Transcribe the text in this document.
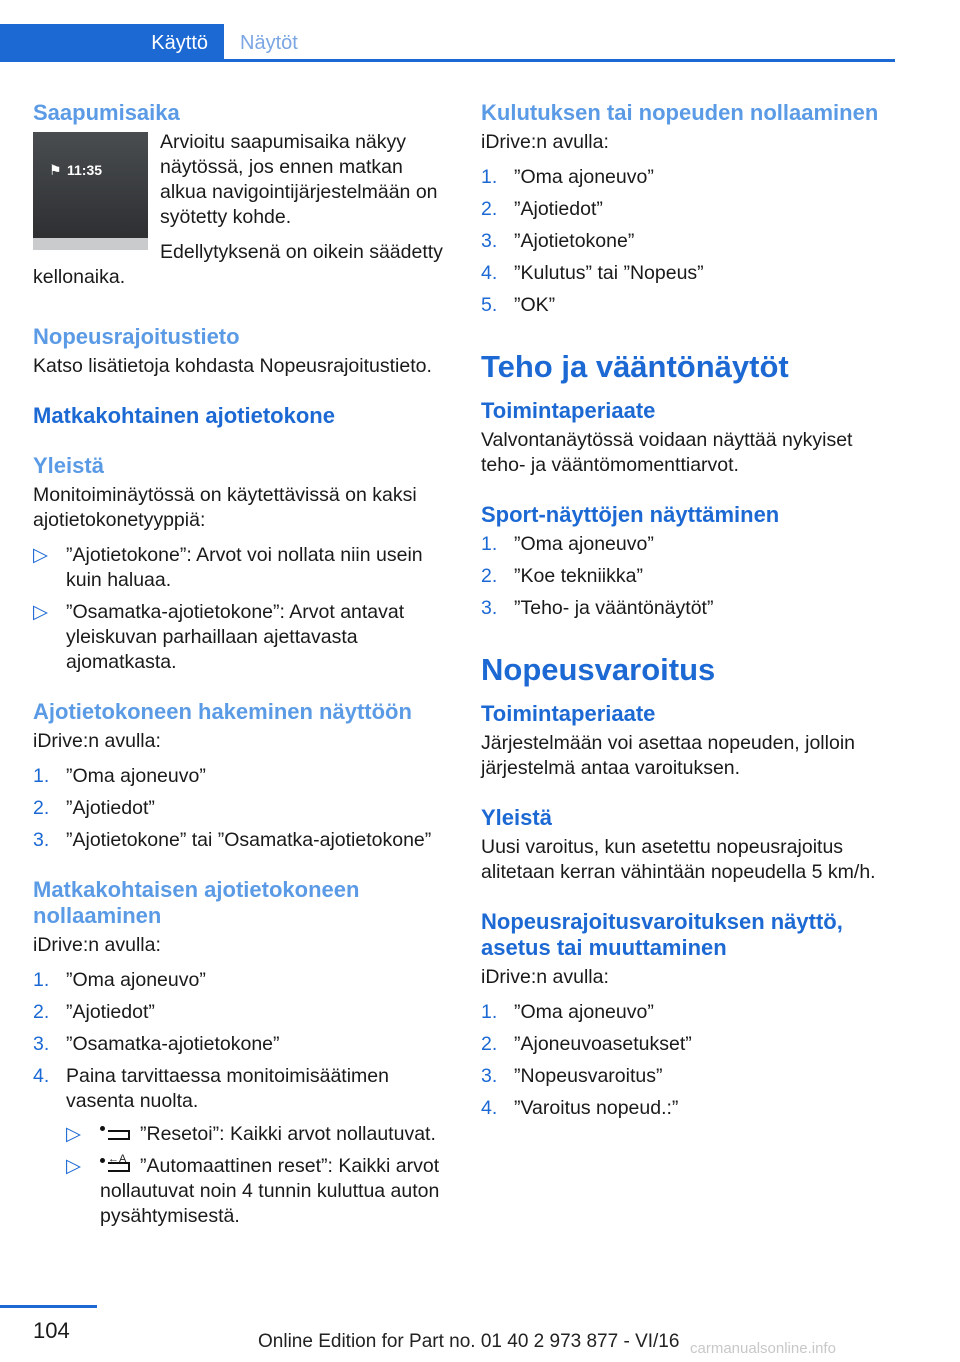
Käyttö	Näytöt
Saapumisaika
⚑ 11:35

Arvioitu saapumisaika näkyy näytössä, jos ennen matkan alkua navigointijärjestelmään on syötetty kohde.

Edellytyksenä on oikein säädetty kellonaika.

Nopeusrajoitustieto

Katso lisätietoja kohdasta Nopeusrajoitustieto.

Matkakohtainen ajotietokone
Yleistä

Monitoiminäytössä on käytettävissä on kaksi ajotietokonetyyppiä:

▷ ”Ajotietokone”: Arvot voi nollata niin usein kuin haluaa.
▷ ”Osamatka-ajotietokone”: Arvot antavat yleiskuvan parhaillaan ajettavasta ajomatkasta.
Ajotietokoneen hakeminen näyttöön

iDrive:n avulla:

1. ”Oma ajoneuvo”
2. ”Ajotiedot”
3. ”Ajotietokone” tai ”Osamatka-ajotietokone”
Matkakohtaisen ajotietokoneen nollaaminen

iDrive:n avulla:

1. ”Oma ajoneuvo”
2. ”Ajotiedot”
3. ”Osamatka-ajotietokone”
4. Paina tarvittaessa monitoimisäätimen vasenta nuolta.
▷	”Resetoi”: Kaikki arvot nollautuvat.
▷ ←A ”Automaattinen reset”: Kaikki arvot nollautuvat noin 4 tunnin kuluttua auton pysähtymisestä.
Kulutuksen tai nopeuden nollaaminen

iDrive:n avulla:

1. ”Oma ajoneuvo”
2. ”Ajotiedot”
3. ”Ajotietokone”
4. ”Kulutus” tai ”Nopeus”
5. ”OK”
Teho ja vääntönäytöt
Toimintaperiaate

Valvontanäytössä voidaan näyttää nykyiset teho- ja vääntömomenttiarvot.

Sport-näyttöjen näyttäminen
1. ”Oma ajoneuvo”
2. ”Koe tekniikka”
3. ”Teho- ja vääntönäytöt”
Nopeusvaroitus
Toimintaperiaate

Järjestelmään voi asettaa nopeuden, jolloin järjestelmä antaa varoituksen.

Yleistä

Uusi varoitus, kun asetettu nopeusrajoitus alitetaan kerran vähintään nopeudella 5 km/h.

Nopeusrajoitusvaroituksen näyttö, asetus tai muuttaminen

iDrive:n avulla:

1. ”Oma ajoneuvo”
2. ”Ajoneuvoasetukset”
3. ”Nopeusvaroitus”
4. ”Varoitus nopeud.:”
104	Online Edition for Part no. 01 40 2 973 877 - VI/16 carmanualsonline.info
